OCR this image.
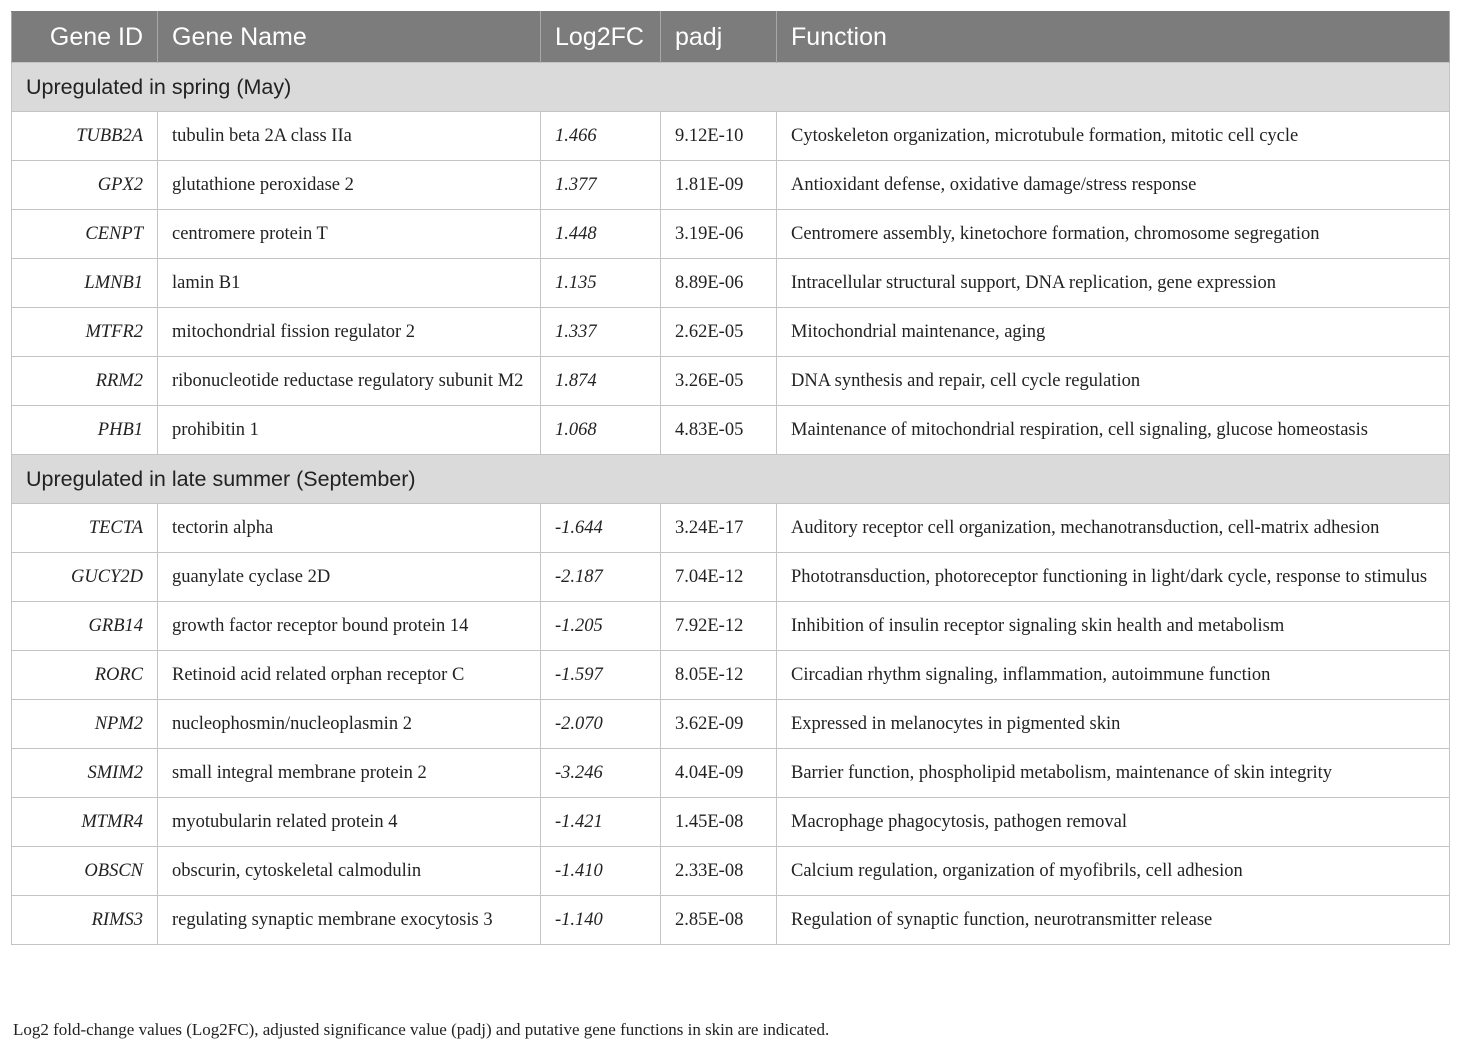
Gene ID	Gene Name	Log2FC	padj	Function
Upregulated in spring (May)				
TUBB2A	tubulin beta 2A class IIa	1.466	9.12E-10	Cytoskeleton organization, microtubule formation, mitotic cell cycle
GPX2	glutathione peroxidase 2	1.377	1.81E-09	Antioxidant defense, oxidative damage/stress response
CENPT	centromere protein T	1.448	3.19E-06	Centromere assembly, kinetochore formation, chromosome segregation
LMNB1	lamin B1	1.135	8.89E-06	Intracellular structural support, DNA replication, gene expression
MTFR2	mitochondrial fission regulator 2	1.337	2.62E-05	Mitochondrial maintenance, aging
RRM2	ribonucleotide reductase regulatory subunit M2	1.874	3.26E-05	DNA synthesis and repair, cell cycle regulation
PHB1	prohibitin 1	1.068	4.83E-05	Maintenance of mitochondrial respiration, cell signaling, glucose homeostasis
Upregulated in late summer (September)				
TECTA	tectorin alpha	-1.644	3.24E-17	Auditory receptor cell organization, mechanotransduction, cell-matrix adhesion
GUCY2D	guanylate cyclase 2D	-2.187	7.04E-12	Phototransduction, photoreceptor functioning in light/dark cycle, response to stimulus
GRB14	growth factor receptor bound protein 14	-1.205	7.92E-12	Inhibition of insulin receptor signaling skin health and metabolism
RORC	Retinoid acid related orphan receptor C	-1.597	8.05E-12	Circadian rhythm signaling, inflammation, autoimmune function
NPM2	nucleophosmin/nucleoplasmin 2	-2.070	3.62E-09	Expressed in melanocytes in pigmented skin
SMIM2	small integral membrane protein 2	-3.246	4.04E-09	Barrier function, phospholipid metabolism, maintenance of skin integrity
MTMR4	myotubularin related protein 4	-1.421	1.45E-08	Macrophage phagocytosis, pathogen removal
OBSCN	obscurin, cytoskeletal calmodulin	-1.410	2.33E-08	Calcium regulation, organization of myofibrils, cell adhesion
RIMS3	regulating synaptic membrane exocytosis 3	-1.140	2.85E-08	Regulation of synaptic function, neurotransmitter release
Log2 fold-change values (Log2FC), adjusted significance value (padj) and putative gene functions in skin are indicated.
